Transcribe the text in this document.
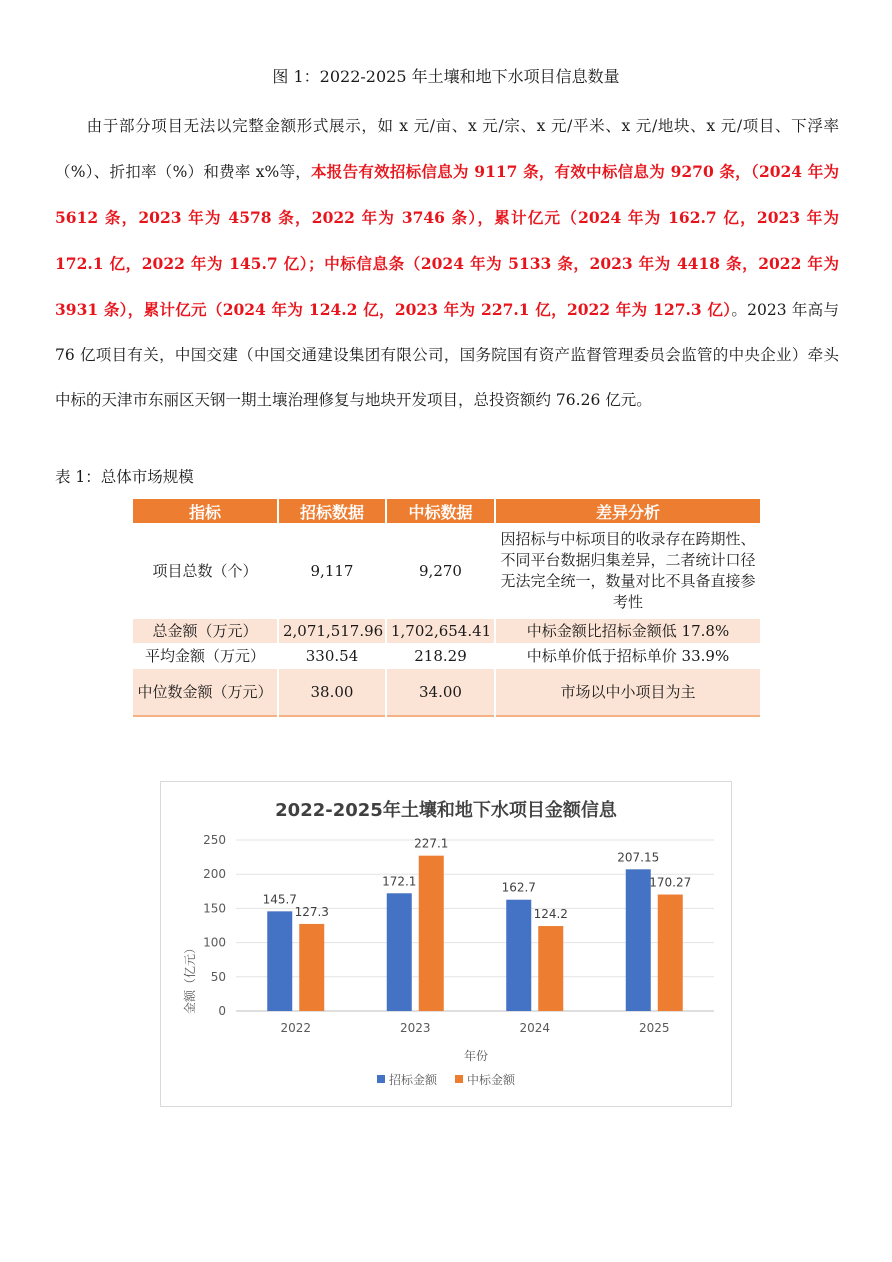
图 1：2022-2025 年土壤和地下水项目信息数量
由于部分项目无法以完整金额形式展示，如 x 元/亩、x 元/宗、x 元/平米、x 元/地块、x 元/项目、下浮率（%）、折扣率（%）和费率 x%等，本报告有效招标信息为 9117 条，有效中标信息为 9270 条，（2024 年为 5612 条，2023 年为 4578 条，2022 年为 3746 条），累计亿元（2024 年为 162.7 亿，2023 年为 172.1 亿，2022 年为 145.7 亿）；中标信息条（2024 年为 5133 条，2023 年为 4418 条，2022 年为 3931 条），累计亿元（2024 年为 124.2 亿，2023 年为 227.1 亿，2022 年为 127.3 亿）。2023 年高与 76 亿项目有关，中国交建（中国交通建设集团有限公司，国务院国有资产监督管理委员会监管的中央企业）牵头中标的天津市东丽区天钢一期土壤治理修复与地块开发项目，总投资额约 76.26 亿元。
表 1：总体市场规模
指标	招标数据	中标数据	差异分析
项目总数（个）	9,117	9,270	因招标与中标项目的收录存在跨期性、不同平台数据归集差异，二者统计口径无法完全统一，数量对比不具备直接参考性
总金额（万元）	2,071,517.96	1,702,654.41	中标金额比招标金额低 17.8%
平均金额（万元）	330.54	218.29	中标单价低于招标单价 33.9%
中位数金额（万元）	38.00	34.00	市场以中小项目为主
2022-2025年土壤和地下水项目金额信息
金额（亿元）
年份
0
50
100
150
200
250
2022
145.7
127.3
2023
172.1
227.1
2024
162.7
124.2
2025
207.15
170.27
招标金额 中标金额
